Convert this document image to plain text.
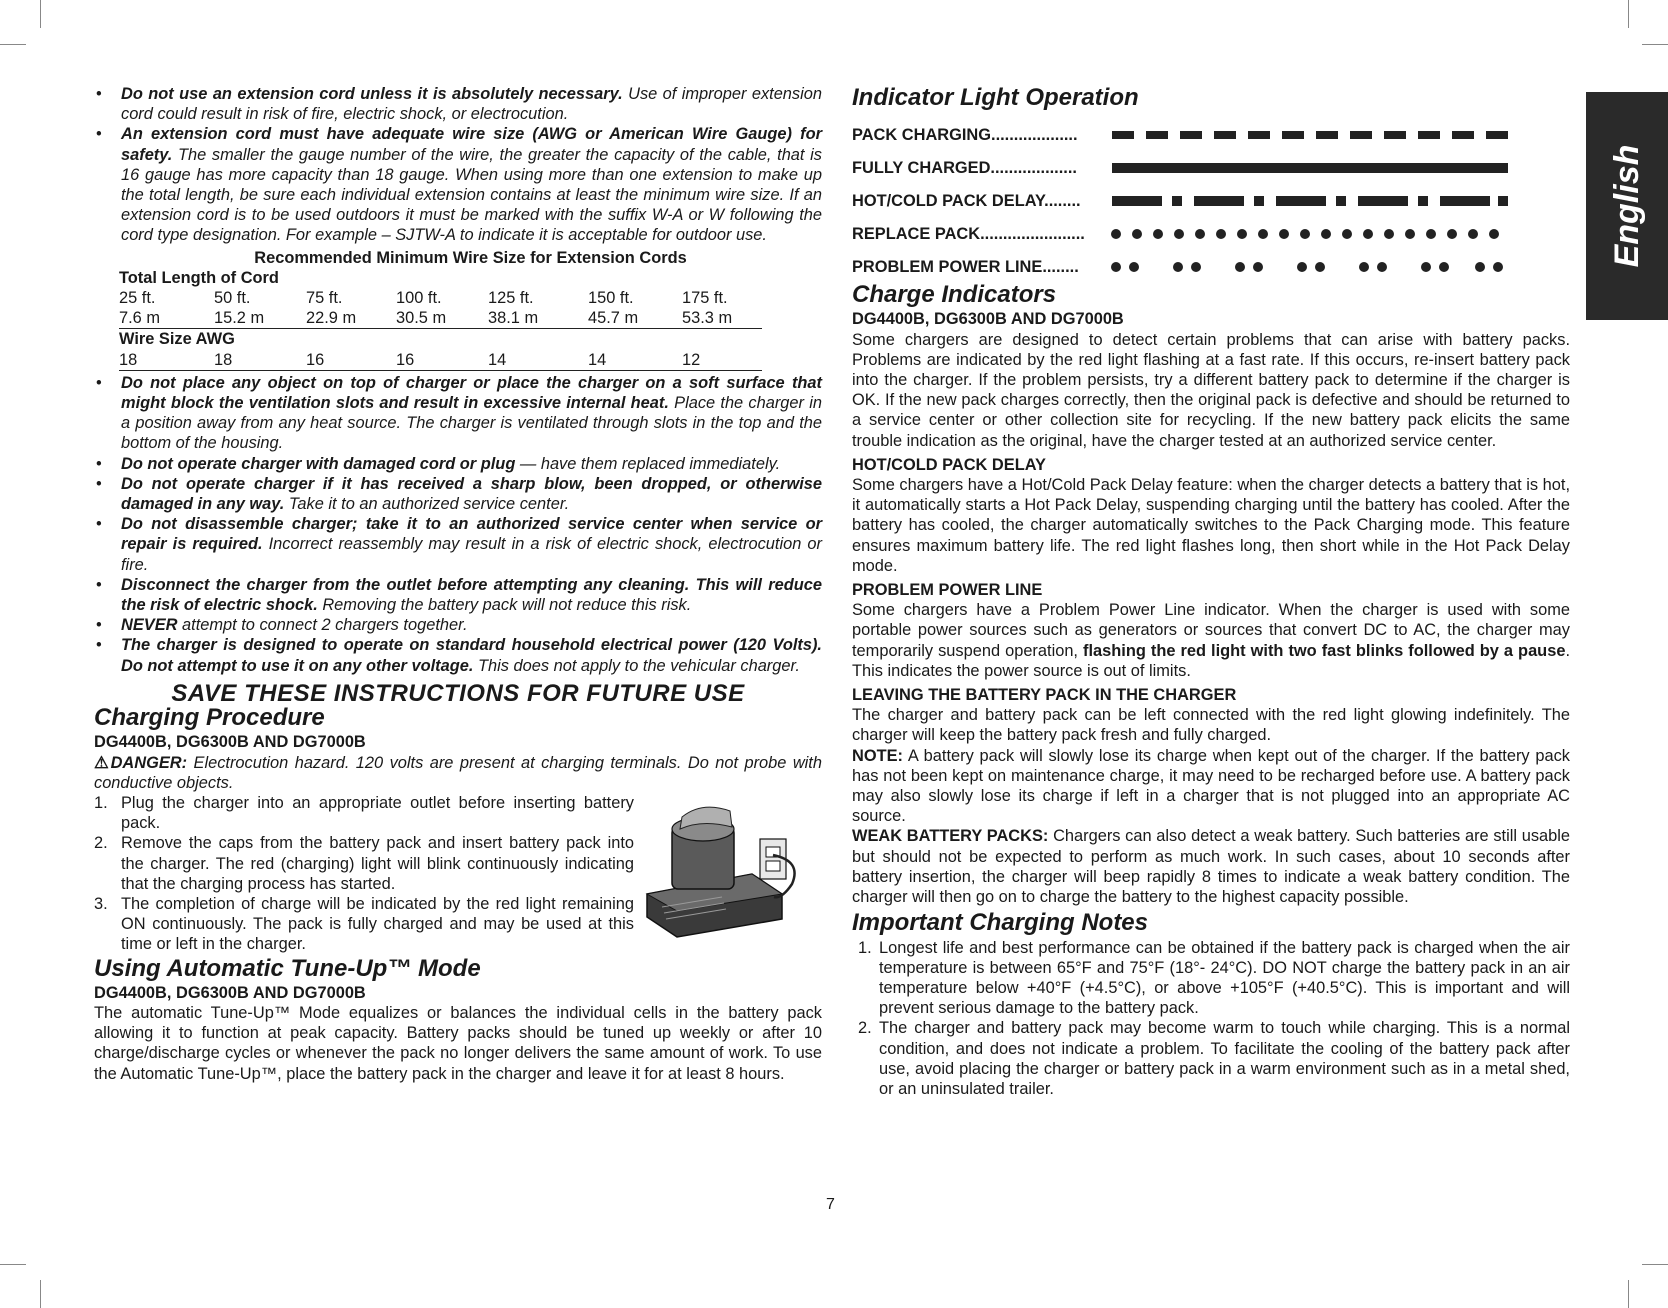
• Do not use an extension cord unless it is absolutely necessary. Use of improper extension cord could result in risk of fire, electric shock, or electrocution.
• An extension cord must have adequate wire size (AWG or American Wire Gauge) for safety. The smaller the gauge number of the wire, the greater the capacity of the cable, that is 16 gauge has more capacity than 18 gauge. When using more than one extension to make up the total length, be sure each individual extension contains at least the minimum wire size. If an extension cord is to be used outdoors it must be marked with the suffix W-A or W following the cord type designation. For example – SJTW-A to indicate it is acceptable for outdoor use.
Recommended Minimum Wire Size for Extension Cords
Total Length of Cord
25 ft.	50 ft.	75 ft.	100 ft.	125 ft.	150 ft.	175 ft.
7.6 m	15.2 m	22.9 m	30.5 m	38.1 m	45.7 m	53.3 m
Wire Size AWG
18	18	16	16	14	14	12
• Do not place any object on top of charger or place the charger on a soft surface that might block the ventilation slots and result in excessive internal heat. Place the charger in a position away from any heat source. The charger is ventilated through slots in the top and the bottom of the housing.
• Do not operate charger with damaged cord or plug — have them replaced immediately.
• Do not operate charger if it has received a sharp blow, been dropped, or otherwise damaged in any way. Take it to an authorized service center.
• Do not disassemble charger; take it to an authorized service center when service or repair is required. Incorrect reassembly may result in a risk of electric shock, electrocution or fire.
• Disconnect the charger from the outlet before attempting any cleaning. This will reduce the risk of electric shock. Removing the battery pack will not reduce this risk.
• NEVER attempt to connect 2 chargers together.
• The charger is designed to operate on standard household electrical power (120 Volts). Do not attempt to use it on any other voltage. This does not apply to the vehicular charger.
SAVE THESE INSTRUCTIONS FOR FUTURE USE
Charging Procedure
DG4400B, DG6300B AND DG7000B

⚠DANGER: Electrocution hazard. 120 volts are present at charging terminals. Do not probe with conductive objects.

1. Plug the charger into an appropriate outlet before inserting battery pack.
2. Remove the caps from the battery pack and insert battery pack into the charger. The red (charging) light will blink continuously indicating that the charging process has started.
3. The completion of charge will be indicated by the red light remaining ON continuously. The pack is fully charged and may be used at this time or left in the charger.
Using Automatic Tune-Up™ Mode
DG4400B, DG6300B AND DG7000B

The automatic Tune-Up™ Mode equalizes or balances the individual cells in the battery pack allowing it to function at peak capacity. Battery packs should be tuned up weekly or after 10 charge/discharge cycles or whenever the pack no longer delivers the same amount of work. To use the Automatic Tune-Up™, place the battery pack in the charger and leave it for at least 8 hours.

Indicator Light Operation
PACK CHARGING...................
FULLY CHARGED...................
HOT/COLD PACK DELAY........
REPLACE PACK.......................
PROBLEM POWER LINE........
Charge Indicators
DG4400B, DG6300B AND DG7000B

Some chargers are designed to detect certain problems that can arise with battery packs. Problems are indicated by the red light flashing at a fast rate. If this occurs, re-insert battery pack into the charger. If the problem persists, try a different battery pack to determine if the charger is OK. If the new pack charges correctly, then the original pack is defective and should be returned to a service center or other collection site for recycling. If the new battery pack elicits the same trouble indication as the original, have the charger tested at an authorized service center.

HOT/COLD PACK DELAY

Some chargers have a Hot/Cold Pack Delay feature: when the charger detects a battery that is hot, it automatically starts a Hot Pack Delay, suspending charging until the battery has cooled. After the battery has cooled, the charger automatically switches to the Pack Charging mode. This feature ensures maximum battery life. The red light flashes long, then short while in the Hot Pack Delay mode.

PROBLEM POWER LINE

Some chargers have a Problem Power Line indicator. When the charger is used with some portable power sources such as generators or sources that convert DC to AC, the charger may temporarily suspend operation, flashing the red light with two fast blinks followed by a pause. This indicates the power source is out of limits.

LEAVING THE BATTERY PACK IN THE CHARGER

The charger and battery pack can be left connected with the red light glowing indefinitely. The charger will keep the battery pack fresh and fully charged.

NOTE: A battery pack will slowly lose its charge when kept out of the charger. If the battery pack has not been kept on maintenance charge, it may need to be recharged before use. A battery pack may also slowly lose its charge if left in a charger that is not plugged into an appropriate AC source.

WEAK BATTERY PACKS: Chargers can also detect a weak battery. Such batteries are still usable but should not be expected to perform as much work. In such cases, about 10 seconds after battery insertion, the charger will beep rapidly 8 times to indicate a weak battery condition. The charger will then go on to charge the battery to the highest capacity possible.

Important Charging Notes
1. Longest life and best performance can be obtained if the battery pack is charged when the air temperature is between 65°F and 75°F (18°- 24°C). DO NOT charge the battery pack in an air temperature below +40°F (+4.5°C), or above +105°F (+40.5°C). This is important and will prevent serious damage to the battery pack.
2. The charger and battery pack may become warm to touch while charging. This is a normal condition, and does not indicate a problem. To facilitate the cooling of the battery pack after use, avoid placing the charger or battery pack in a warm environment such as in a metal shed, or an uninsulated trailer.
English
7
